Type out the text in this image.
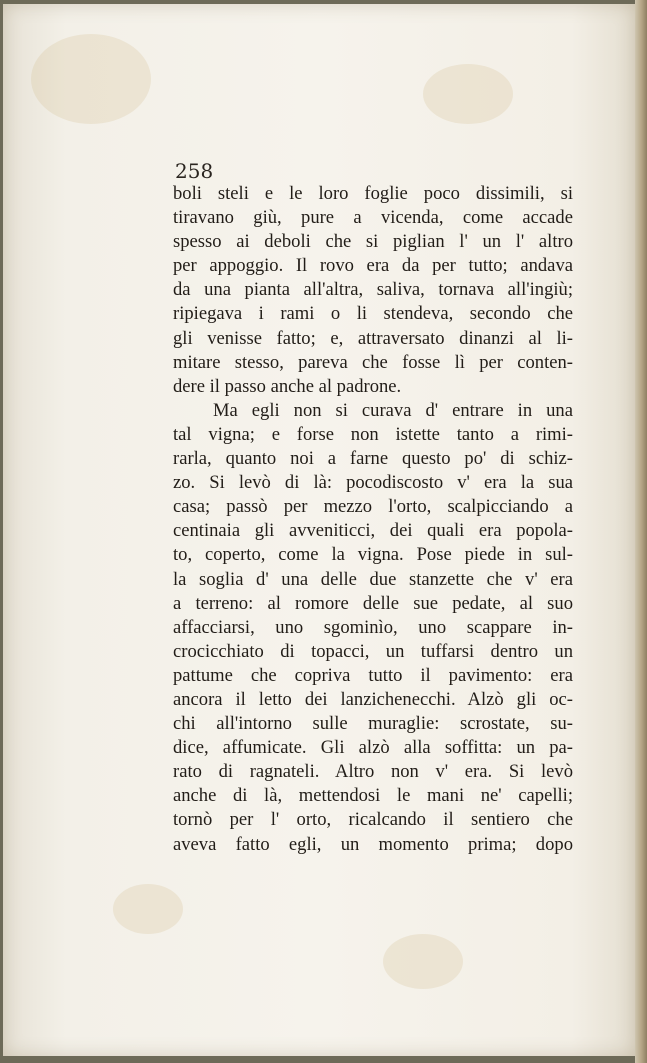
258
boli steli e le loro foglie poco dissimili, si
tiravano giù, pure a vicenda, come accade
spesso ai deboli che si piglian l' un l' altro
per appoggio. Il rovo era da per tutto; andava
da una pianta all'altra, saliva, tornava all'ingiù;
ripiegava i rami o li stendeva, secondo che
gli venisse fatto; e, attraversato dinanzi al li-
mitare stesso, pareva che fosse lì per conten-
dere il passo anche al padrone.
Ma egli non si curava d' entrare in una
tal vigna; e forse non istette tanto a rimi-
rarla, quanto noi a farne questo po' di schiz-
zo. Si levò di là: pocodiscosto v' era la sua
casa; passò per mezzo l'orto, scalpicciando a
centinaia gli avveniticci, dei quali era popola-
to, coperto, come la vigna. Pose piede in sul-
la soglia d' una delle due stanzette che v' era
a terreno: al romore delle sue pedate, al suo
affacciarsi, uno sgominìo, uno scappare in-
crocicchiato di topacci, un tuffarsi dentro un
pattume che copriva tutto il pavimento: era
ancora il letto dei lanzichenecchi. Alzò gli oc-
chi all'intorno sulle muraglie: scrostate, su-
dice, affumicate. Gli alzò alla soffitta: un pa-
rato di ragnateli. Altro non v' era. Si levò
anche di là, mettendosi le mani ne' capelli;
tornò per l' orto, ricalcando il sentiero che
aveva fatto egli, un momento prima; dopo
